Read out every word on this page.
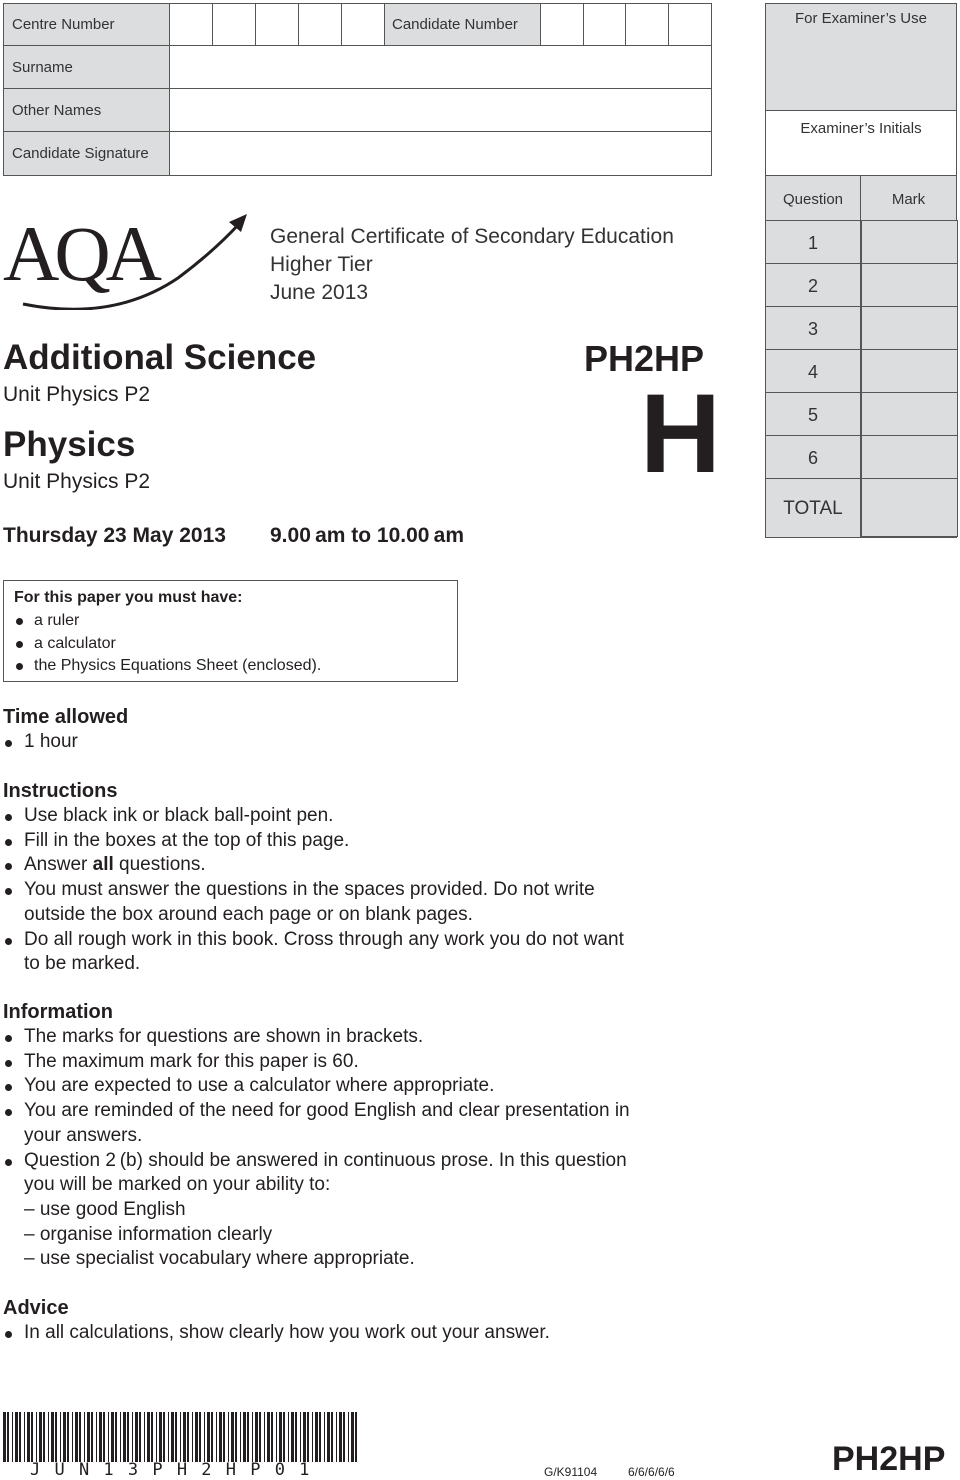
Centre Number	Candidate Number
Surname
Other Names
Candidate Signature
For Examiner’s Use
Examiner’s Initials
Question	Mark
1
2
3
4
5
6
TOTAL
AQA	General Certificate of Secondary Education
Higher Tier
June 2013
Additional Science
Unit Physics P2
Physics
Unit Physics P2
PH2HP
H
Thursday 23 May 2013 9.00 am to 10.00 am
For this paper you must have:
a ruler
a calculator
the Physics Equations Sheet (enclosed).
Time allowed
1 hour
Instructions
Use black ink or black ball-point pen.
Fill in the boxes at the top of this page.
Answer all questions.
You must answer the questions in the spaces provided. Do not write
outside the box around each page or on blank pages.
Do all rough work in this book. Cross through any work you do not want
to be marked.
Information
The marks for questions are shown in brackets.
The maximum mark for this paper is 60.
You are expected to use a calculator where appropriate.
You are reminded of the need for good English and clear presentation in
your answers.
Question 2 (b) should be answered in continuous prose. In this question
you will be marked on your ability to:
– use good English
– organise information clearly
– use specialist vocabulary where appropriate.
Advice
In all calculations, show clearly how you work out your answer.
J U N 1 3 P H 2 H P 0 1	G/K91104	6/6/6/6/6	PH2HP
